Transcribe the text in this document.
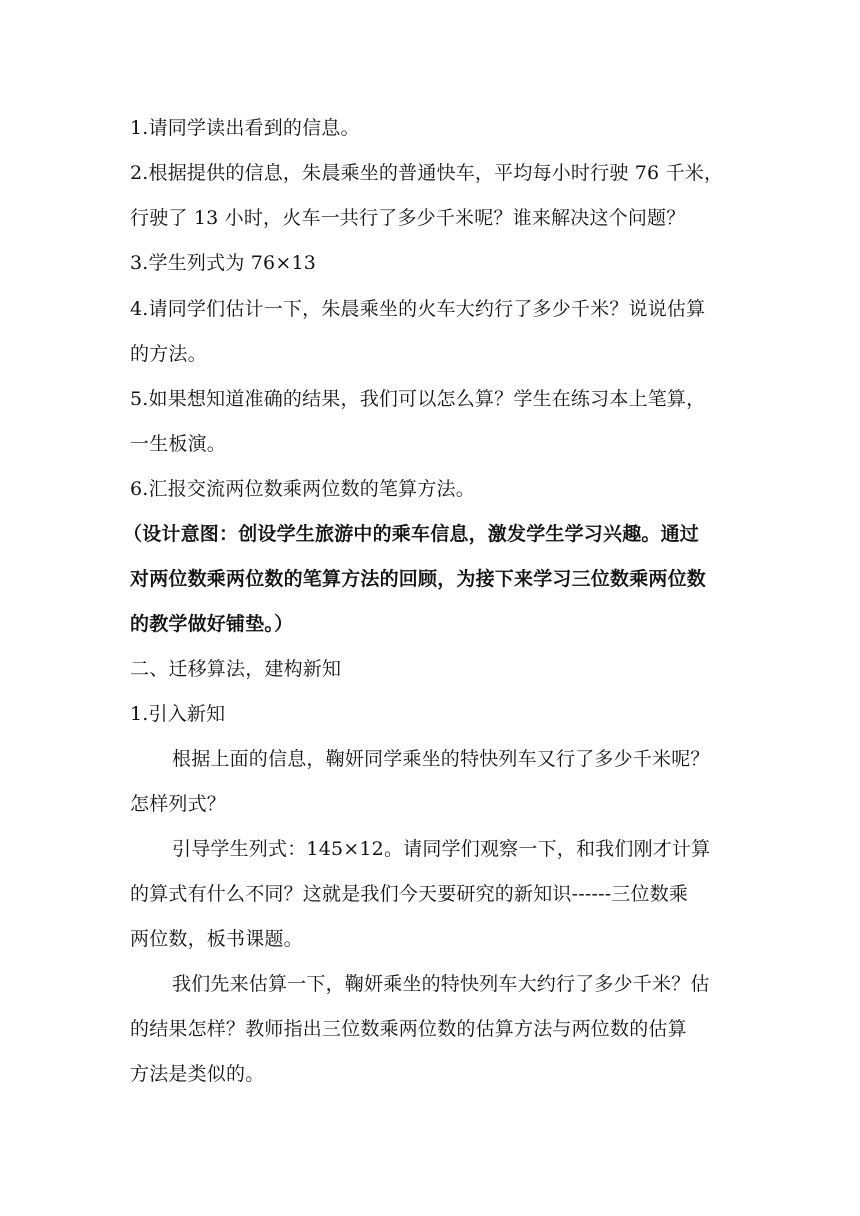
1.请同学读出看到的信息。
2.根据提供的信息，朱晨乘坐的普通快车，平均每小时行驶 76 千米，
行驶了 13 小时，火车一共行了多少千米呢？谁来解决这个问题？
3.学生列式为 76×13
4.请同学们估计一下，朱晨乘坐的火车大约行了多少千米？说说估算
的方法。
5.如果想知道准确的结果，我们可以怎么算？学生在练习本上笔算，
一生板演。
6.汇报交流两位数乘两位数的笔算方法。
（设计意图：创设学生旅游中的乘车信息，激发学生学习兴趣。通过
对两位数乘两位数的笔算方法的回顾，为接下来学习三位数乘两位数
的教学做好铺垫。）
二、迁移算法，建构新知
1.引入新知
根据上面的信息，鞠妍同学乘坐的特快列车又行了多少千米呢？
怎样列式？
引导学生列式：145×12。请同学们观察一下，和我们刚才计算
的算式有什么不同？这就是我们今天要研究的新知识------三位数乘
两位数，板书课题。
我们先来估算一下，鞠妍乘坐的特快列车大约行了多少千米？估
的结果怎样？教师指出三位数乘两位数的估算方法与两位数的估算
方法是类似的。
